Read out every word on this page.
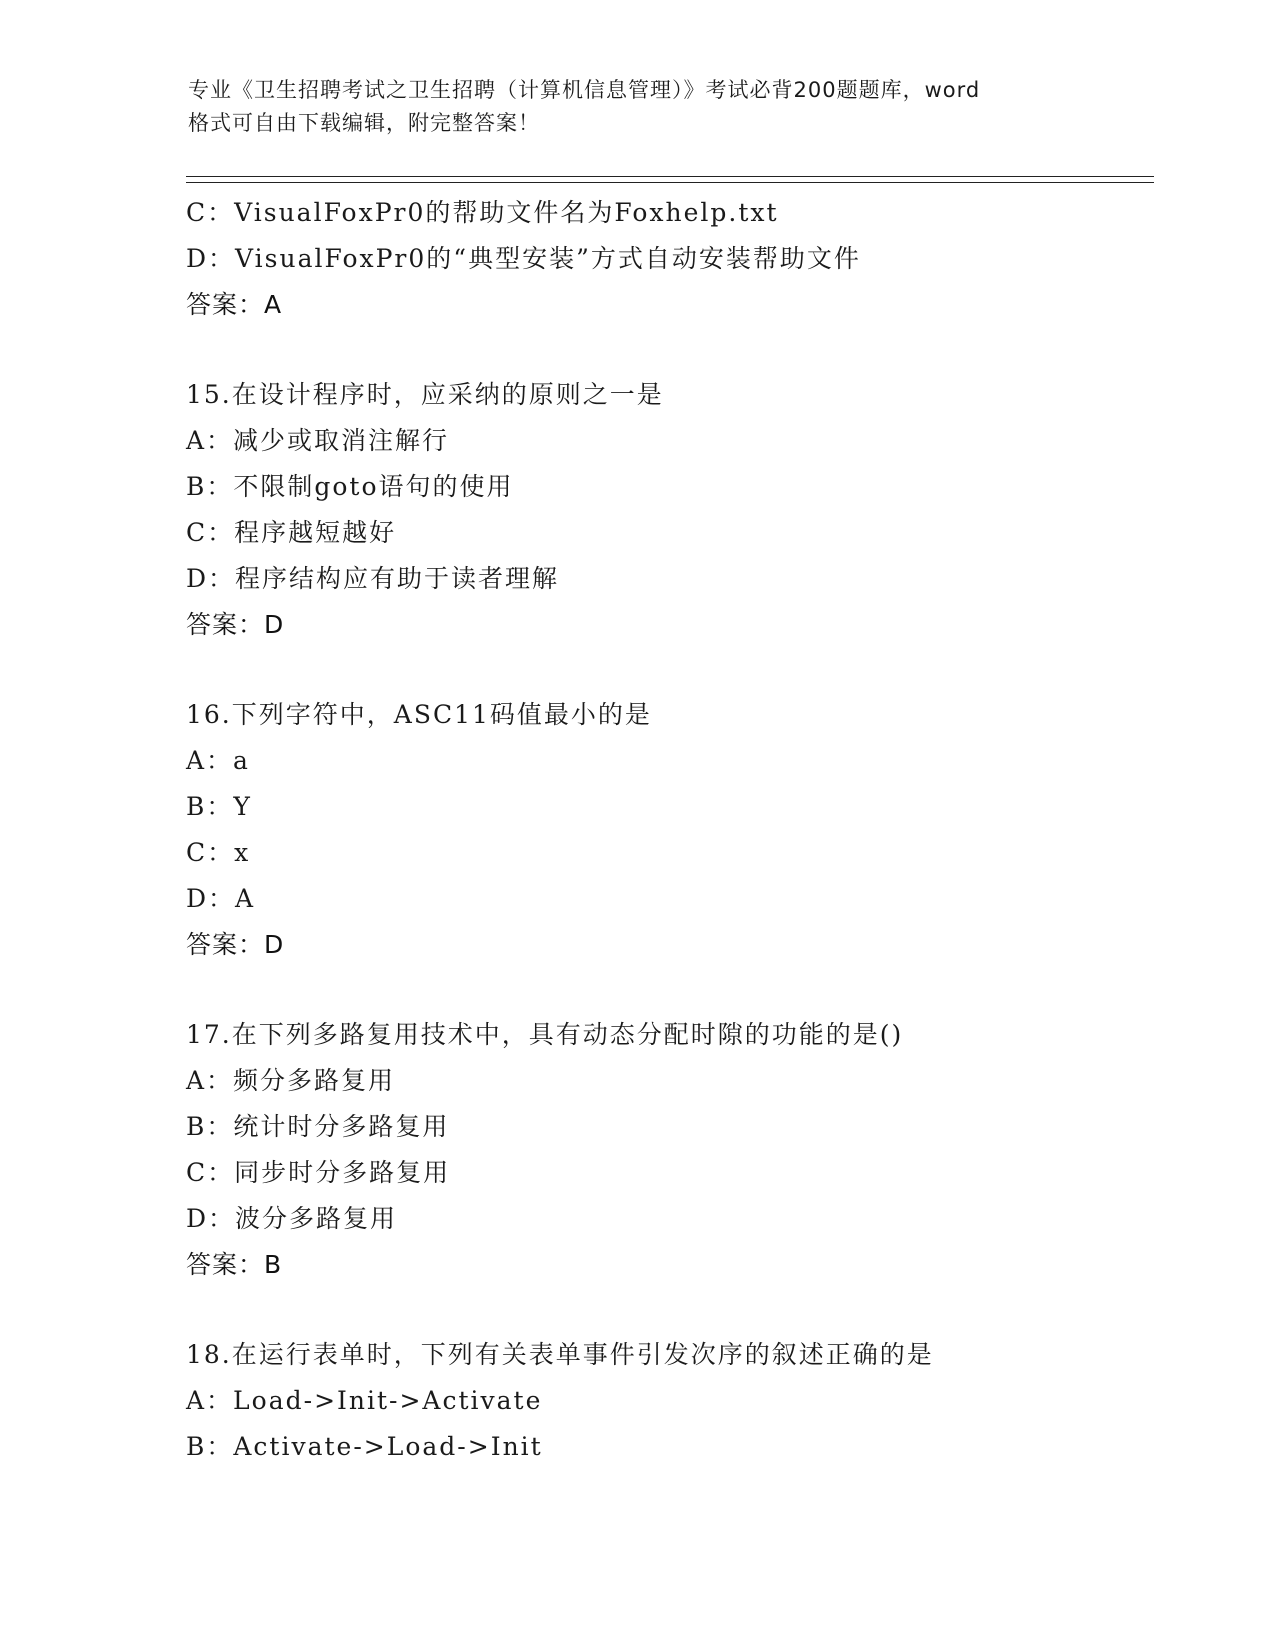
专业《卫生招聘考试之卫生招聘（计算机信息管理）》考试必背200题题库，word
格式可自由下载编辑，附完整答案！
C：VisualFoxPr0的帮助文件名为Foxhelp.txt
D：VisualFoxPr0的“典型安装”方式自动安装帮助文件
答案：A
15.在设计程序时，应采纳的原则之一是
A：减少或取消注解行
B：不限制goto语句的使用
C：程序越短越好
D：程序结构应有助于读者理解
答案：D
16.下列字符中，ASC11码值最小的是
A：a
B：Y
C：x
D：A
答案：D
17.在下列多路复用技术中，具有动态分配时隙的功能的是()
A：频分多路复用
B：统计时分多路复用
C：同步时分多路复用
D：波分多路复用
答案：B
18.在运行表单时，下列有关表单事件引发次序的叙述正确的是
A：Load->Init->Activate
B：Activate->Load->Init
